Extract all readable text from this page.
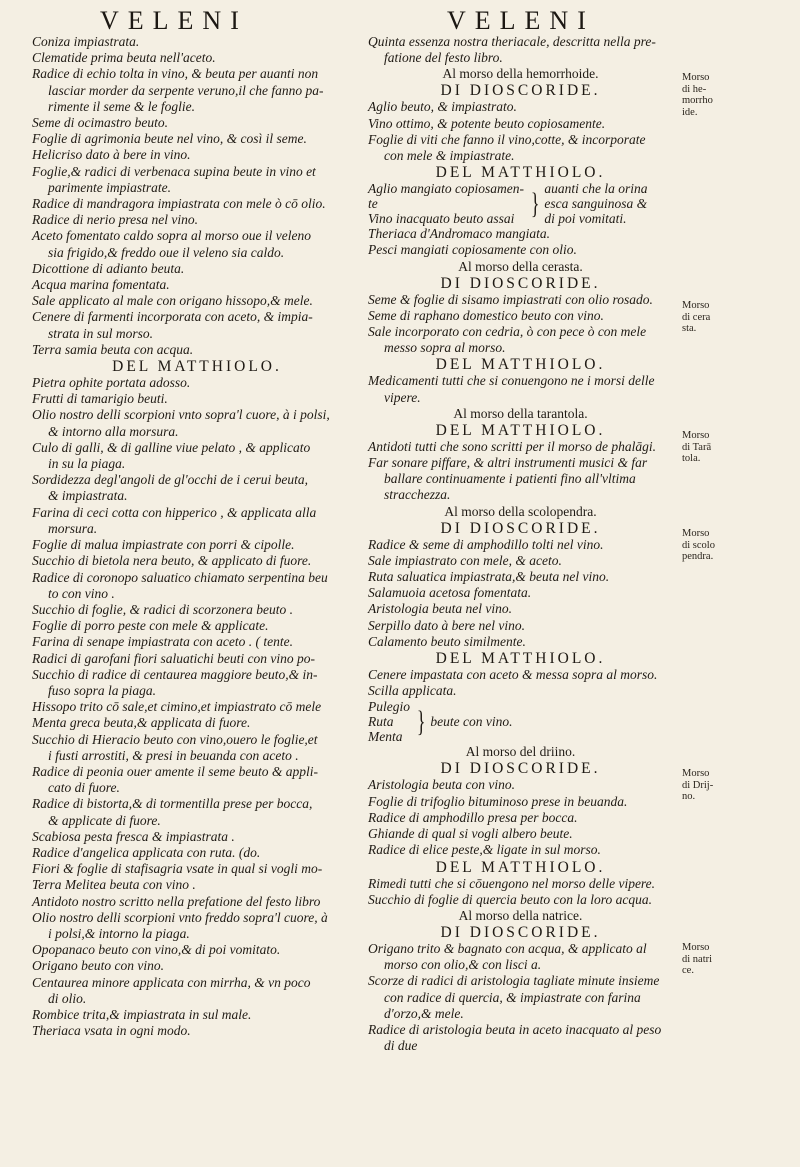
VELENI	VELENI
Coniza impiastrata.
Clematide prima beuta nell'aceto.
Radice di echio tolta in vino, & beuta per auanti non
lasciar morder da serpente veruno,il che fanno pa-
rimente il seme & le foglie.
Seme di ocimastro beuto.
Foglie di agrimonia beute nel vino, & così il seme.
Helicriso dato à bere in vino.
Foglie,& radici di verbenaca supina beute in vino et
parimente impiastrate.
Radice di mandragora impiastrata con mele ò cō olio.
Radice di nerio presa nel vino.
Aceto fomentato caldo sopra al morso oue il veleno
sia frigido,& freddo oue il veleno sia caldo.
Dicottione di adianto beuta.
Acqua marina fomentata.
Sale applicato al male con origano hissopo,& mele.
Cenere di farmenti incorporata con aceto, & impia-
strata in sul morso.
Terra samia beuta con acqua.
DEL MATTHIOLO.
Pietra ophite portata adosso.
Frutti di tamarigio beuti.
Olio nostro delli scorpioni vnto sopra'l cuore, à i polsi,
& intorno alla morsura.
Culo di galli, & di galline viue pelato , & applicato
in su la piaga.
Sordidezza degl'angoli de gl'occhi de i cerui beuta,
& impiastrata.
Farina di ceci cotta con hipperico , & applicata alla
morsura.
Foglie di malua impiastrate con porri & cipolle.
Succhio di bietola nera beuto, & applicato di fuore.
Radice di coronopo saluatico chiamato serpentina beu
to con vino .
Succhio di foglie, & radici di scorzonera beuto .
Foglie di porro peste con mele & applicate.
Farina di senape impiastrata con aceto . ( tente.
Radici di garofani fiori saluatichi beuti con vino po-
Succhio di radice di centaurea maggiore beuto,& in-
fuso sopra la piaga.
Hissopo trito cō sale,et cimino,et impiastrato cō mele
Menta greca beuta,& applicata di fuore.
Succhio di Hieracio beuto con vino,ouero le foglie,et
i fusti arrostiti, & presi in beuanda con aceto .
Radice di peonia ouer amente il seme beuto & appli-
cato di fuore.
Radice di bistorta,& di tormentilla prese per bocca,
& applicate di fuore.
Scabiosa pesta fresca & impiastrata .
Radice d'angelica applicata con ruta. (do.
Fiori & foglie di stafisagria vsate in qual si vogli mo-
Terra Melitea beuta con vino .
Antidoto nostro scritto nella prefatione del festo libro
Olio nostro delli scorpioni vnto freddo sopra'l cuore, à
i polsi,& intorno la piaga.
Opopanaco beuto con vino,& di poi vomitato.
Origano beuto con vino.
Centaurea minore applicata con mirrha, & vn poco
di olio.
Rombice trita,& impiastrata in sul male.
Theriaca vsata in ogni modo.
Quinta essenza nostra theriacale, descritta nella pre-
fatione del festo libro.
Al morso della hemorrhoide.
DI DIOSCORIDE.
Aglio beuto, & impiastrato.
Vino ottimo, & potente beuto copiosamente.
Foglie di viti che fanno il vino,cotte, & incorporate
con mele & impiastrate.
DEL MATTHIOLO.
Aglio mangiato copiosamen-
te
Vino inacquato beuto assai { auanti che la orina
esca sanguinosa &
di poi vomitati.
Theriaca d'Andromaco mangiata.
Pesci mangiati copiosamente con olio.
Al morso della cerasta.
DI DIOSCORIDE.
Seme & foglie di sisamo impiastrati con olio rosado.
Seme di raphano domestico beuto con vino.
Sale incorporato con cedria, ò con pece ò con mele
messo sopra al morso.
DEL MATTHIOLO.
Medicamenti tutti che si conuengono ne i morsi delle
vipere.
Al morso della tarantola.
DEL MATTHIOLO.
Antidoti tutti che sono scritti per il morso de phalāgi.
Far sonare piffare, & altri instrumenti musici & far
ballare continuamente i patienti fino all'vltima
stracchezza.
Al morso della scolopendra.
DI DIOSCORIDE.
Radice & seme di amphodillo tolti nel vino.
Sale impiastrato con mele, & aceto.
Ruta saluatica impiastrata,& beuta nel vino.
Salamuoia acetosa fomentata.
Aristologia beuta nel vino.
Serpillo dato à bere nel vino.
Calamento beuto similmente.
DEL MATTHIOLO.
Cenere impastata con aceto & messa sopra al morso.
Scilla applicata.
Pulegio
Ruta
Menta { beute con vino.
Al morso del driino.
DI DIOSCORIDE.
Aristologia beuta con vino.
Foglie di trifoglio bituminoso prese in beuanda.
Radice di amphodillo presa per bocca.
Ghiande di qual si vogli albero beute.
Radice di elice peste,& ligate in sul morso.
DEL MATTHIOLO.
Rimedi tutti che si cōuengono nel morso delle vipere.
Succhio di foglie di quercia beuto con la loro acqua.
Al morso della natrice.
DI DIOSCORIDE.
Origano trito & bagnato con acqua, & applicato al
morso con olio,& con lisci a.
Scorze di radici di aristologia tagliate minute insieme
con radice di quercia, & impiastrate con farina
d'orzo,& mele.
Radice di aristologia beuta in aceto inacquato al peso
di due
Morso
di he-
morrho
ide.
Morso
di cera
sta.
Morso
di Tarā
tola.
Morso
di scolo
pendra.
Morso
di Drij-
no.
Morso
di natri
ce.
